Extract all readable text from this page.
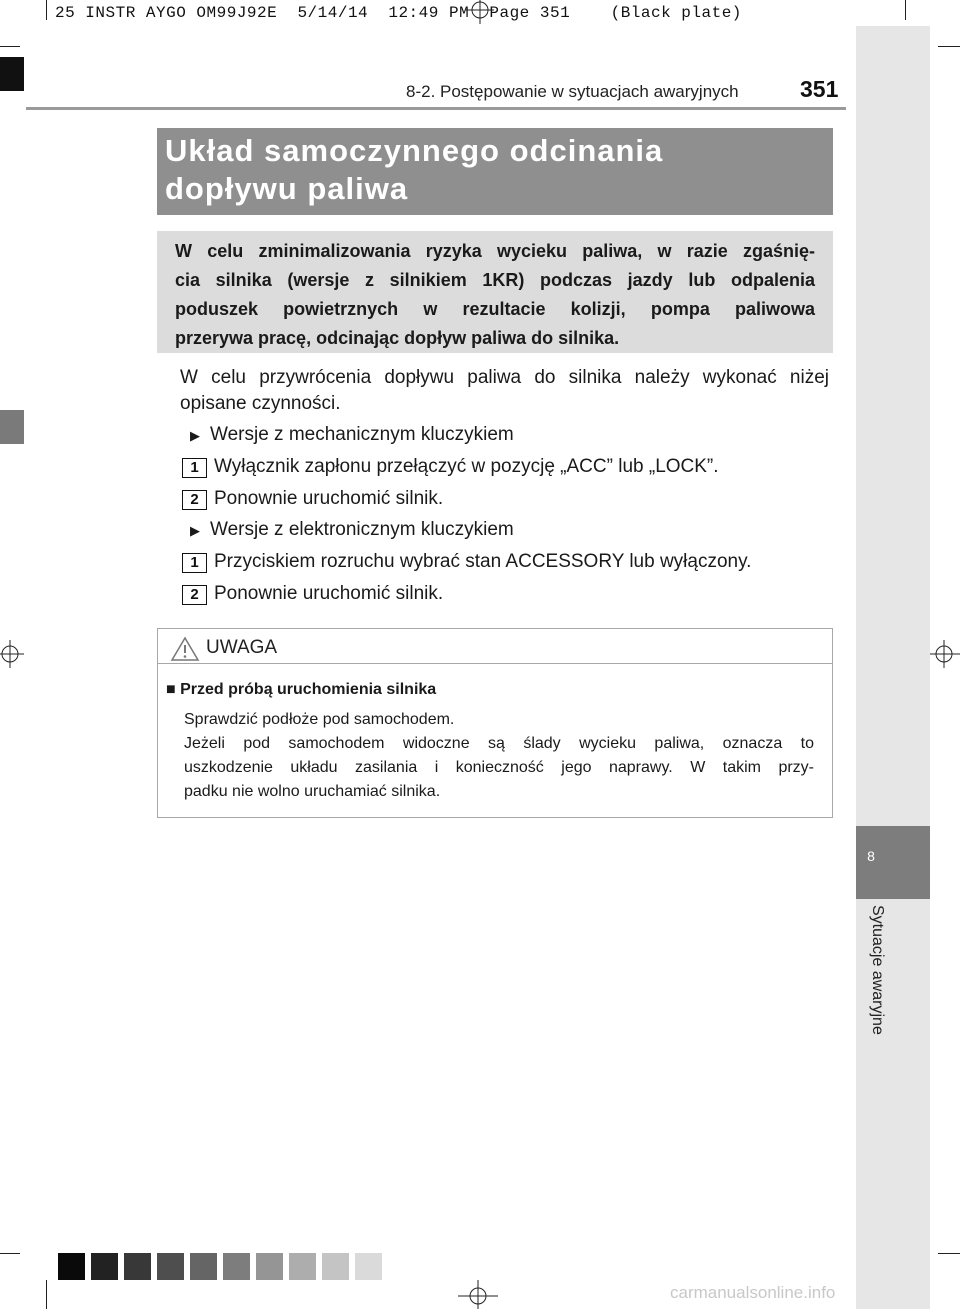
25 INSTR AYGO OM99J92E  5/14/14  12:49 PM  Page 351    (Black plate)
8
Sytuacje awaryjne
8-2. Postępowanie w sytuacjach awaryjnych	351
Układ samoczynnego odcinania
dopływu paliwa
W celu zminimalizowania ryzyka wycieku paliwa, w razie zgaśnię-
cia silnika (wersje z silnikiem 1KR) podczas jazdy lub odpalenia
poduszek powietrznych w rezultacie kolizji, pompa paliwowa
przerywa pracę, odcinając dopływ paliwa do silnika.
W celu przywrócenia dopływu paliwa do silnika należy wykonać niżej
opisane czynności.
▶ Wersje z mechanicznym kluczykiem
1 Wyłącznik zapłonu przełączyć w pozycję „ACC” lub „LOCK”.
2 Ponownie uruchomić silnik.
▶ Wersje z elektronicznym kluczykiem
1 Przyciskiem rozruchu wybrać stan ACCESSORY lub wyłączony.
2 Ponownie uruchomić silnik.
UWAGA
■ Przed próbą uruchomienia silnika
Sprawdzić podłoże pod samochodem.
Jeżeli pod samochodem widoczne są ślady wycieku paliwa, oznacza to
uszkodzenie układu zasilania i konieczność jego naprawy. W takim przy-
padku nie wolno uruchamiać silnika.
carmanualsonline.info
